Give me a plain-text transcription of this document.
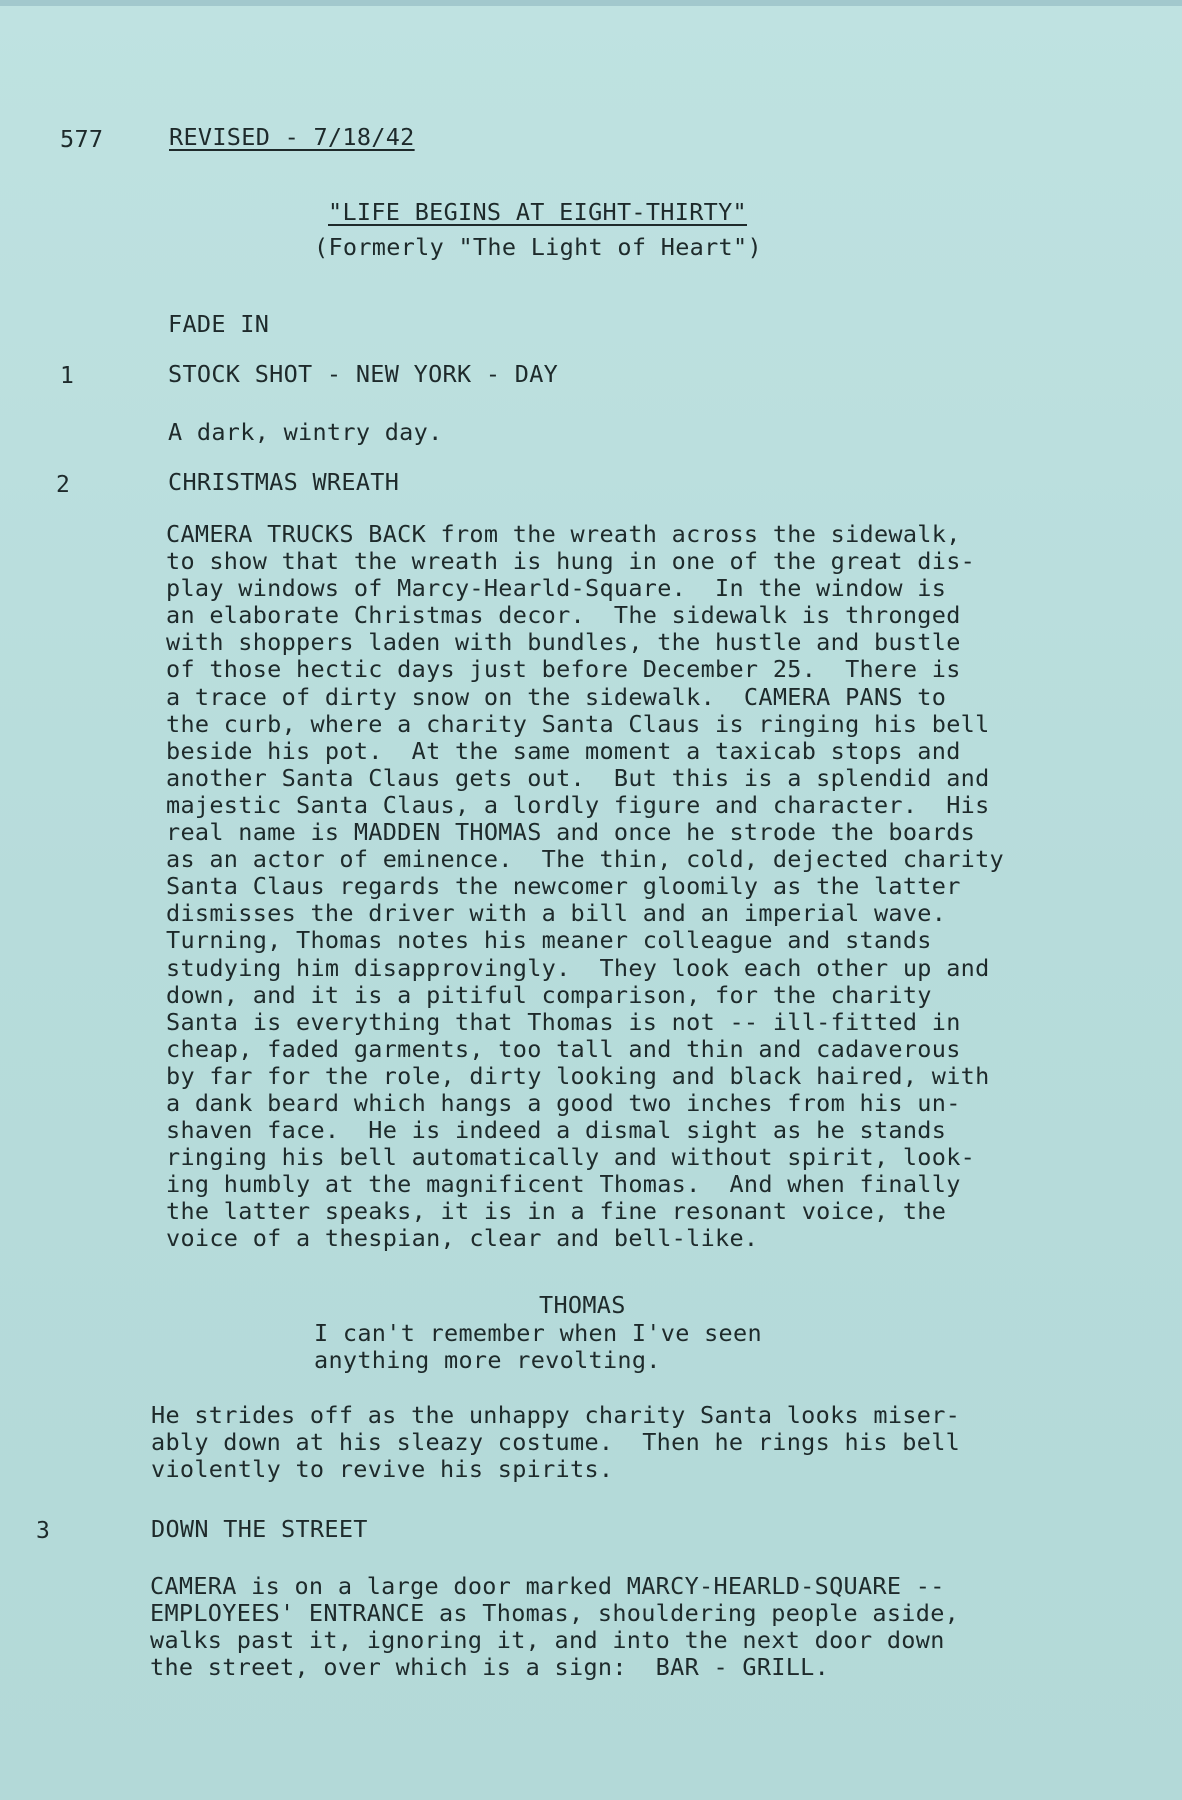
577	REVISED - 7/18/42
"LIFE BEGINS AT EIGHT-THIRTY"
(Formerly "The Light of Heart")
FADE IN
1	STOCK SHOT - NEW YORK - DAY
A dark, wintry day.
2	CHRISTMAS WREATH
CAMERA TRUCKS BACK from the wreath across the sidewalk,
to show that the wreath is hung in one of the great dis-
play windows of Marcy-Hearld-Square.  In the window is
an elaborate Christmas decor.  The sidewalk is thronged
with shoppers laden with bundles, the hustle and bustle
of those hectic days just before December 25.  There is
a trace of dirty snow on the sidewalk.  CAMERA PANS to
the curb, where a charity Santa Claus is ringing his bell
beside his pot.  At the same moment a taxicab stops and
another Santa Claus gets out.  But this is a splendid and
majestic Santa Claus, a lordly figure and character.  His
real name is MADDEN THOMAS and once he strode the boards
as an actor of eminence.  The thin, cold, dejected charity
Santa Claus regards the newcomer gloomily as the latter
dismisses the driver with a bill and an imperial wave.
Turning, Thomas notes his meaner colleague and stands
studying him disapprovingly.  They look each other up and
down, and it is a pitiful comparison, for the charity
Santa is everything that Thomas is not -- ill-fitted in
cheap, faded garments, too tall and thin and cadaverous
by far for the role, dirty looking and black haired, with
a dank beard which hangs a good two inches from his un-
shaven face.  He is indeed a dismal sight as he stands
ringing his bell automatically and without spirit, look-
ing humbly at the magnificent Thomas.  And when finally
the latter speaks, it is in a fine resonant voice, the
voice of a thespian, clear and bell-like.
THOMAS
I can't remember when I've seen
anything more revolting.
He strides off as the unhappy charity Santa looks miser-
ably down at his sleazy costume.  Then he rings his bell
violently to revive his spirits.
3	DOWN THE STREET
CAMERA is on a large door marked MARCY-HEARLD-SQUARE --
EMPLOYEES' ENTRANCE as Thomas, shouldering people aside,
walks past it, ignoring it, and into the next door down
the street, over which is a sign:  BAR - GRILL.
